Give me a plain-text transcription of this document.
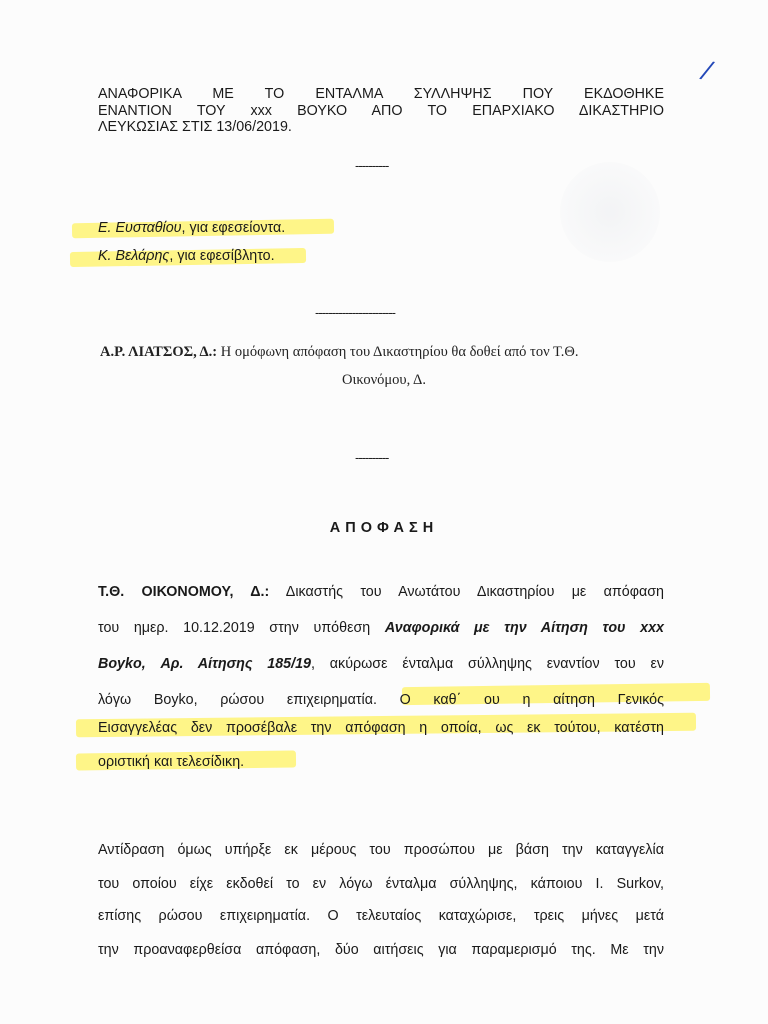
/
ΑΝΑΦΟΡΙΚΑ ΜΕ ΤΟ ΕΝΤΑΛΜΑ ΣΥΛΛΗΨΗΣ ΠΟΥ ΕΚΔΟΘΗΚΕ
ΕΝΑΝΤΙΟΝ ΤΟΥ xxx ΒΟΥΚΟ ΑΠΟ ΤΟ ΕΠΑΡΧΙΑΚΟ ΔΙΚΑΣΤΗΡΙΟ
ΛΕΥΚΩΣΙΑΣ ΣΤΙΣ 13/06/2019.
----------
Ε. Ευσταθίου, για εφεσείοντα.
Κ. Βελάρης, για εφεσίβλητο.
------------------------
Α.Ρ. ΛΙΑΤΣΟΣ, Δ.: Η ομόφωνη απόφαση του Δικαστηρίου θα δοθεί από τον Τ.Θ.
Οικονόμου, Δ.
----------
ΑΠΟΦΑΣΗ
Τ.Θ. ΟΙΚΟΝΟΜΟΥ, Δ.: Δικαστής του Ανωτάτου Δικαστηρίου με απόφαση
του ημερ. 10.12.2019 στην υπόθεση Αναφορικά με την Αίτηση του xxx
Boyko, Αρ. Αίτησης 185/19, ακύρωσε ένταλμα σύλληψης εναντίον του εν
λόγω Boyko, ρώσου επιχειρηματία. Ο καθ΄ ου η αίτηση Γενικός
Εισαγγελέας δεν προσέβαλε την απόφαση η οποία, ως εκ τούτου, κατέστη
οριστική και τελεσίδικη.
Αντίδραση όμως υπήρξε εκ μέρους του προσώπου με βάση την καταγγελία
του οποίου είχε εκδοθεί το εν λόγω ένταλμα σύλληψης, κάποιου I. Surkov,
επίσης ρώσου επιχειρηματία. Ο τελευταίος καταχώρισε, τρεις μήνες μετά
την προαναφερθείσα απόφαση, δύο αιτήσεις για παραμερισμό της. Με την
